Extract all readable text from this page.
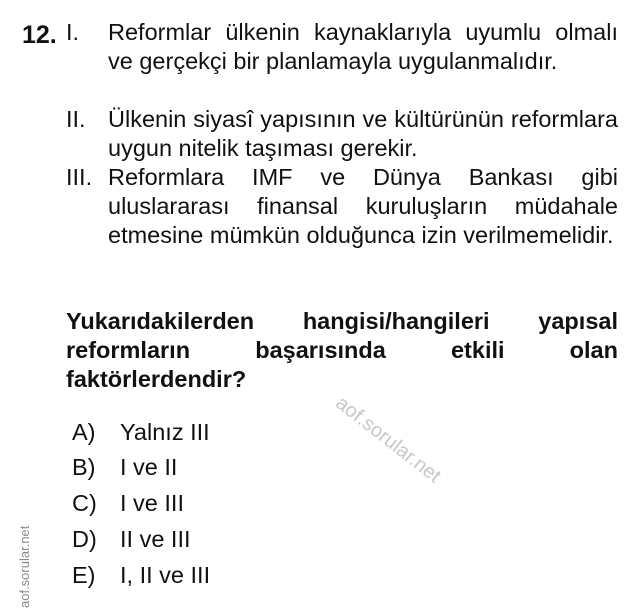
aof.sorular.net
aof.sorular.net
12. I. Reformlar ülkenin kaynaklarıyla uyumlu olmalı ve gerçekçi bir planlamayla uygulanmalıdır.
II. Ülkenin siyasî yapısının ve kültürünün reformlara uygun nitelik taşıması gerekir.
III. Reformlara IMF ve Dünya Bankası gibi uluslararası finansal kuruluşların müdahale etmesine mümkün olduğunca izin verilmemelidir.
Yukarıdakilerden hangisi/hangileri yapısal reformların başarısında etkili olan faktörlerdendir?
A) Yalnız III
B) I ve II
C) I ve III
D) II ve III
E) I, II ve III
